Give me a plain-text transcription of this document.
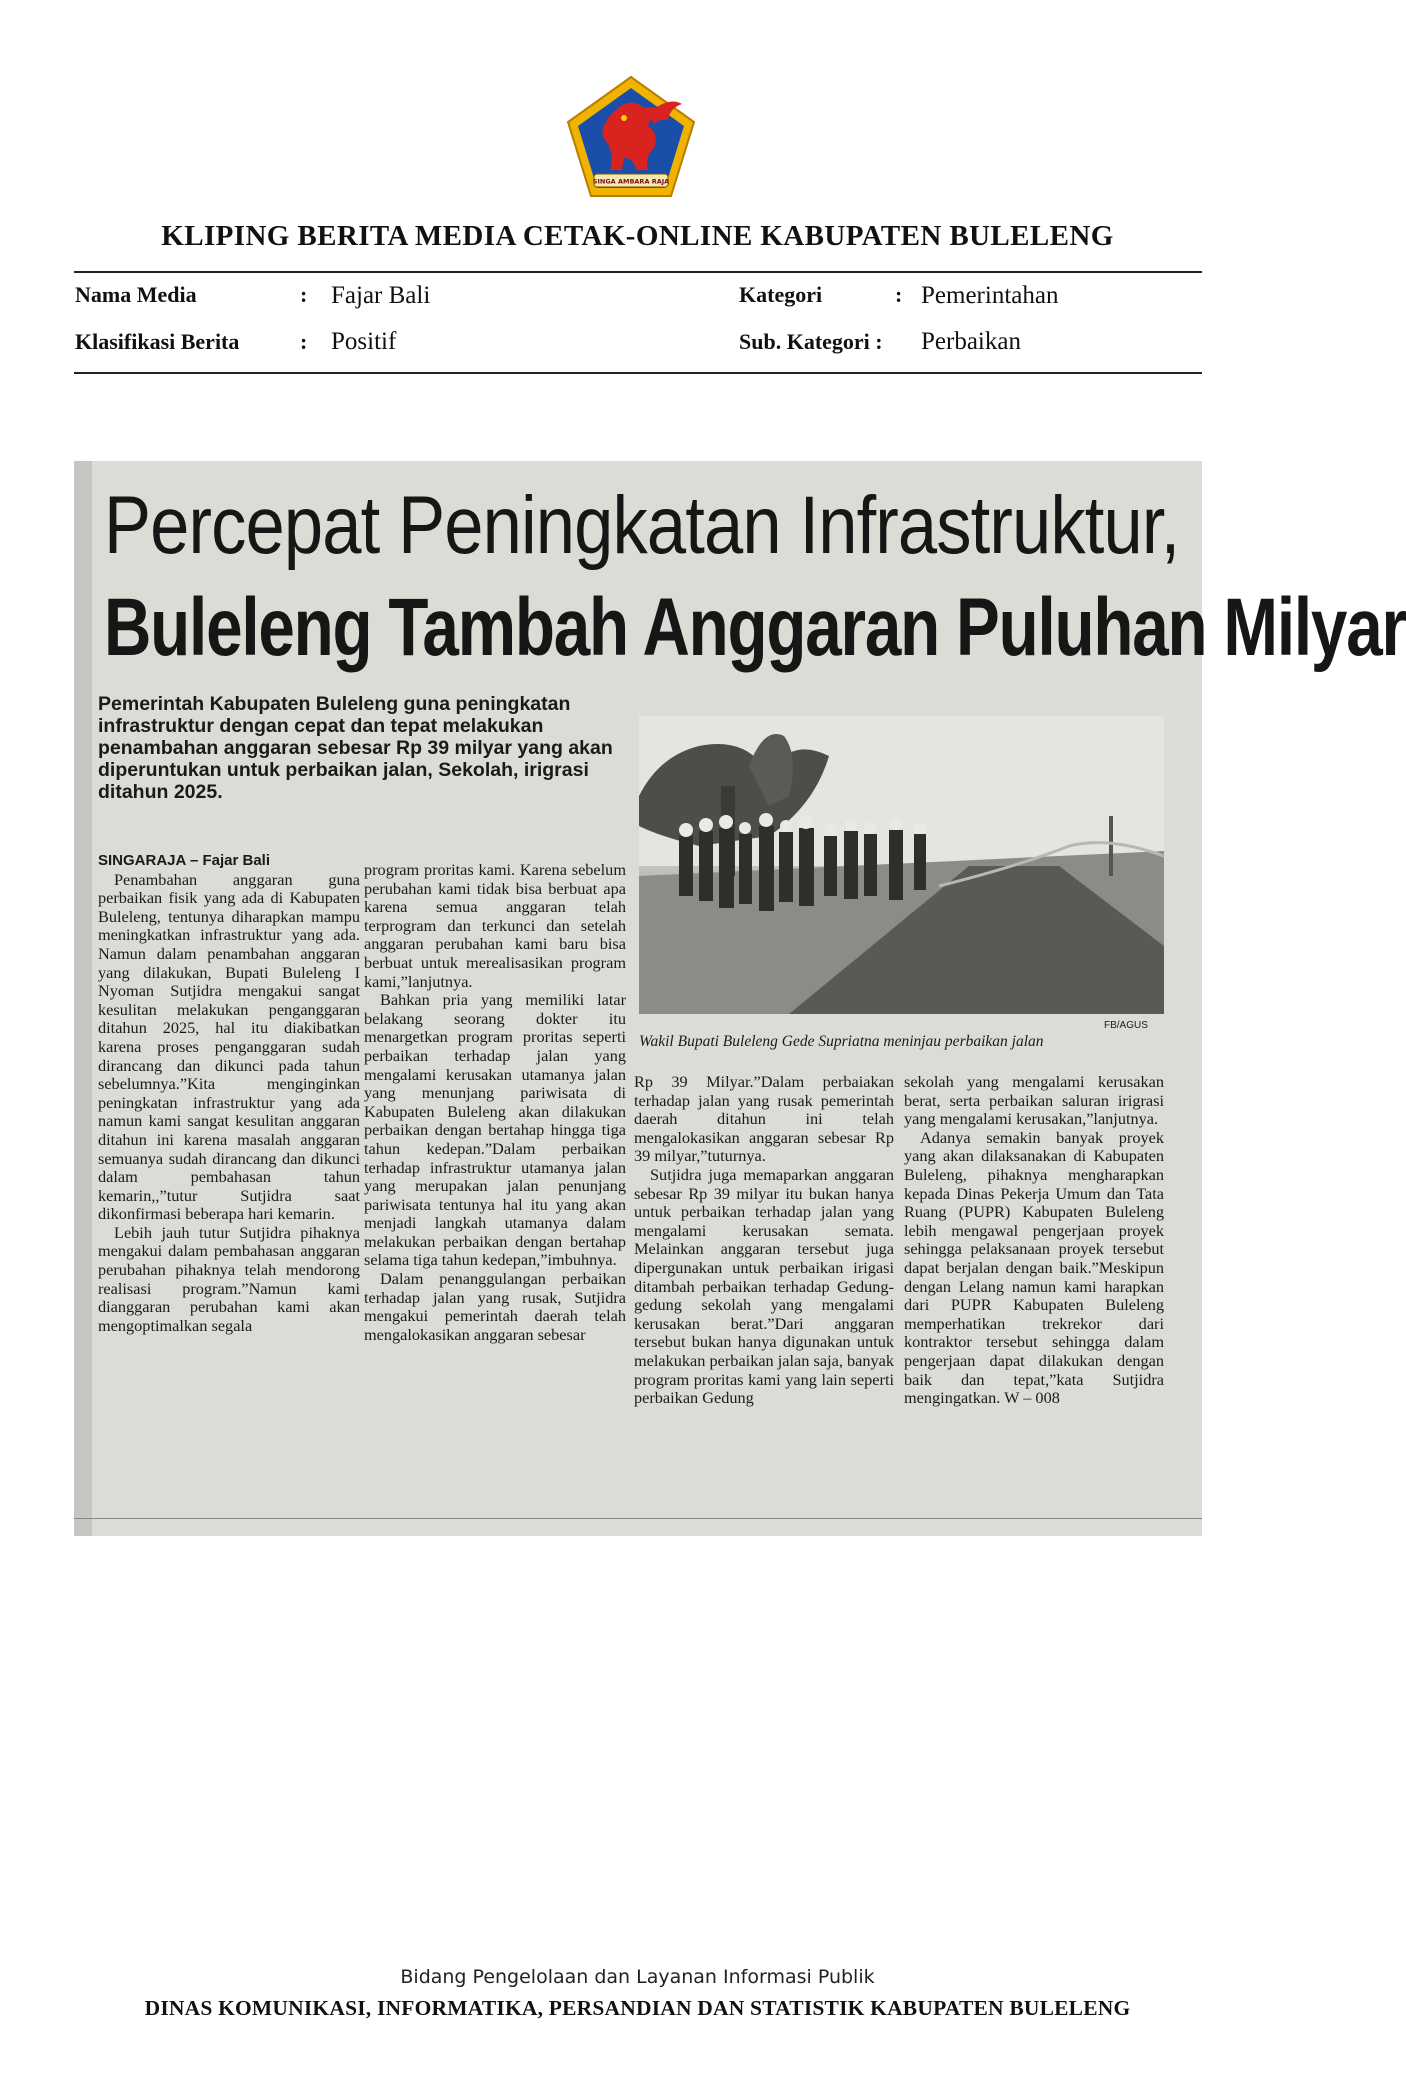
SINGA AMBARA RAJA
KLIPING BERITA MEDIA CETAK-ONLINE KABUPATEN BULELENG
Nama Media	: Fajar Bali
Klasifikasi Berita	: Positif
Kategori	: Pemerintahan
Sub. Kategori : Perbaikan
Percepat Peningkatan Infrastruktur,
Buleleng Tambah Anggaran Puluhan Milyar
Pemerintah Kabupaten Buleleng guna peningkatan infrastruktur dengan cepat dan tepat melakukan penambahan anggaran sebesar Rp 39 milyar yang akan diperuntukan untuk perbaikan jalan, Sekolah, irigrasi ditahun 2025.
FB/AGUS
Wakil Bupati Buleleng Gede Supriatna meninjau perbaikan jalan

SINGARAJA – Fajar Bali

Penambahan anggaran guna perbaikan fisik yang ada di Kabupaten Buleleng, tentunya diharapkan mampu meningkatkan infrastruktur yang ada. Namun dalam penambahan anggaran yang dilakukan, Bupati Buleleng I Nyoman Sutjidra mengakui sangat kesulitan melakukan penganggaran ditahun 2025, hal itu diakibatkan karena proses penganggaran sudah dirancang dan dikunci pada tahun sebelumnya.”Kita menginginkan peningkatan infrastruktur yang ada namun kami sangat kesulitan anggaran ditahun ini karena masalah anggaran semuanya sudah dirancang dan dikunci dalam pembahasan tahun kemarin,,”tutur Sutjidra saat dikonfirmasi beberapa hari kemarin.

Lebih jauh tutur Sutjidra pihaknya mengakui dalam pembahasan anggaran perubahan pihaknya telah mendorong realisasi program.”Namun kami dianggaran perubahan kami akan mengoptimalkan segala

program proritas kami. Karena sebelum perubahan kami tidak bisa berbuat apa karena semua anggaran telah terprogram dan terkunci dan setelah anggaran perubahan kami baru bisa berbuat untuk merealisasikan program kami,”lanjutnya.

Bahkan pria yang memiliki latar belakang seorang dokter itu menargetkan program proritas seperti perbaikan terhadap jalan yang mengalami kerusakan utamanya jalan yang menunjang pariwisata di Kabupaten Buleleng akan dilakukan perbaikan dengan bertahap hingga tiga tahun kedepan.”Dalam perbaikan terhadap infrastruktur utamanya jalan yang merupakan jalan penunjang pariwisata tentunya hal itu yang akan menjadi langkah utamanya dalam melakukan perbaikan dengan bertahap selama tiga tahun kedepan,”imbuhnya.

Dalam penanggulangan perbaikan terhadap jalan yang rusak, Sutjidra mengakui pemerintah daerah telah mengalokasikan anggaran sebesar

Rp 39 Milyar.”Dalam perbaiakan terhadap jalan yang rusak pemerintah daerah ditahun ini telah mengalokasikan anggaran sebesar Rp 39 milyar,”tuturnya.

Sutjidra juga memaparkan anggaran sebesar Rp 39 milyar itu bukan hanya untuk perbaikan terhadap jalan yang mengalami kerusakan semata. Melainkan anggaran tersebut juga dipergunakan untuk perbaikan irigasi ditambah perbaikan terhadap Gedung-gedung sekolah yang mengalami kerusakan berat.”Dari anggaran tersebut bukan hanya digunakan untuk melakukan perbaikan jalan saja, banyak program proritas kami yang lain seperti perbaikan Gedung

sekolah yang mengalami kerusakan berat, serta perbaikan saluran irigrasi yang mengalami kerusakan,”lanjutnya.

Adanya semakin banyak proyek yang akan dilaksanakan di Kabupaten Buleleng, pihaknya mengharapkan kepada Dinas Pekerja Umum dan Tata Ruang (PUPR) Kabupaten Buleleng lebih mengawal pengerjaan proyek sehingga pelaksanaan proyek tersebut dapat berjalan dengan baik.”Meskipun dengan Lelang namun kami harapkan dari PUPR Kabupaten Buleleng memperhatikan trekrekor dari kontraktor tersebut sehingga dalam pengerjaan dapat dilakukan dengan baik dan tepat,”kata Sutjidra mengingatkan. W – 008

Bidang Pengelolaan dan Layanan Informasi Publik
DINAS KOMUNIKASI, INFORMATIKA, PERSANDIAN DAN STATISTIK KABUPATEN BULELENG
